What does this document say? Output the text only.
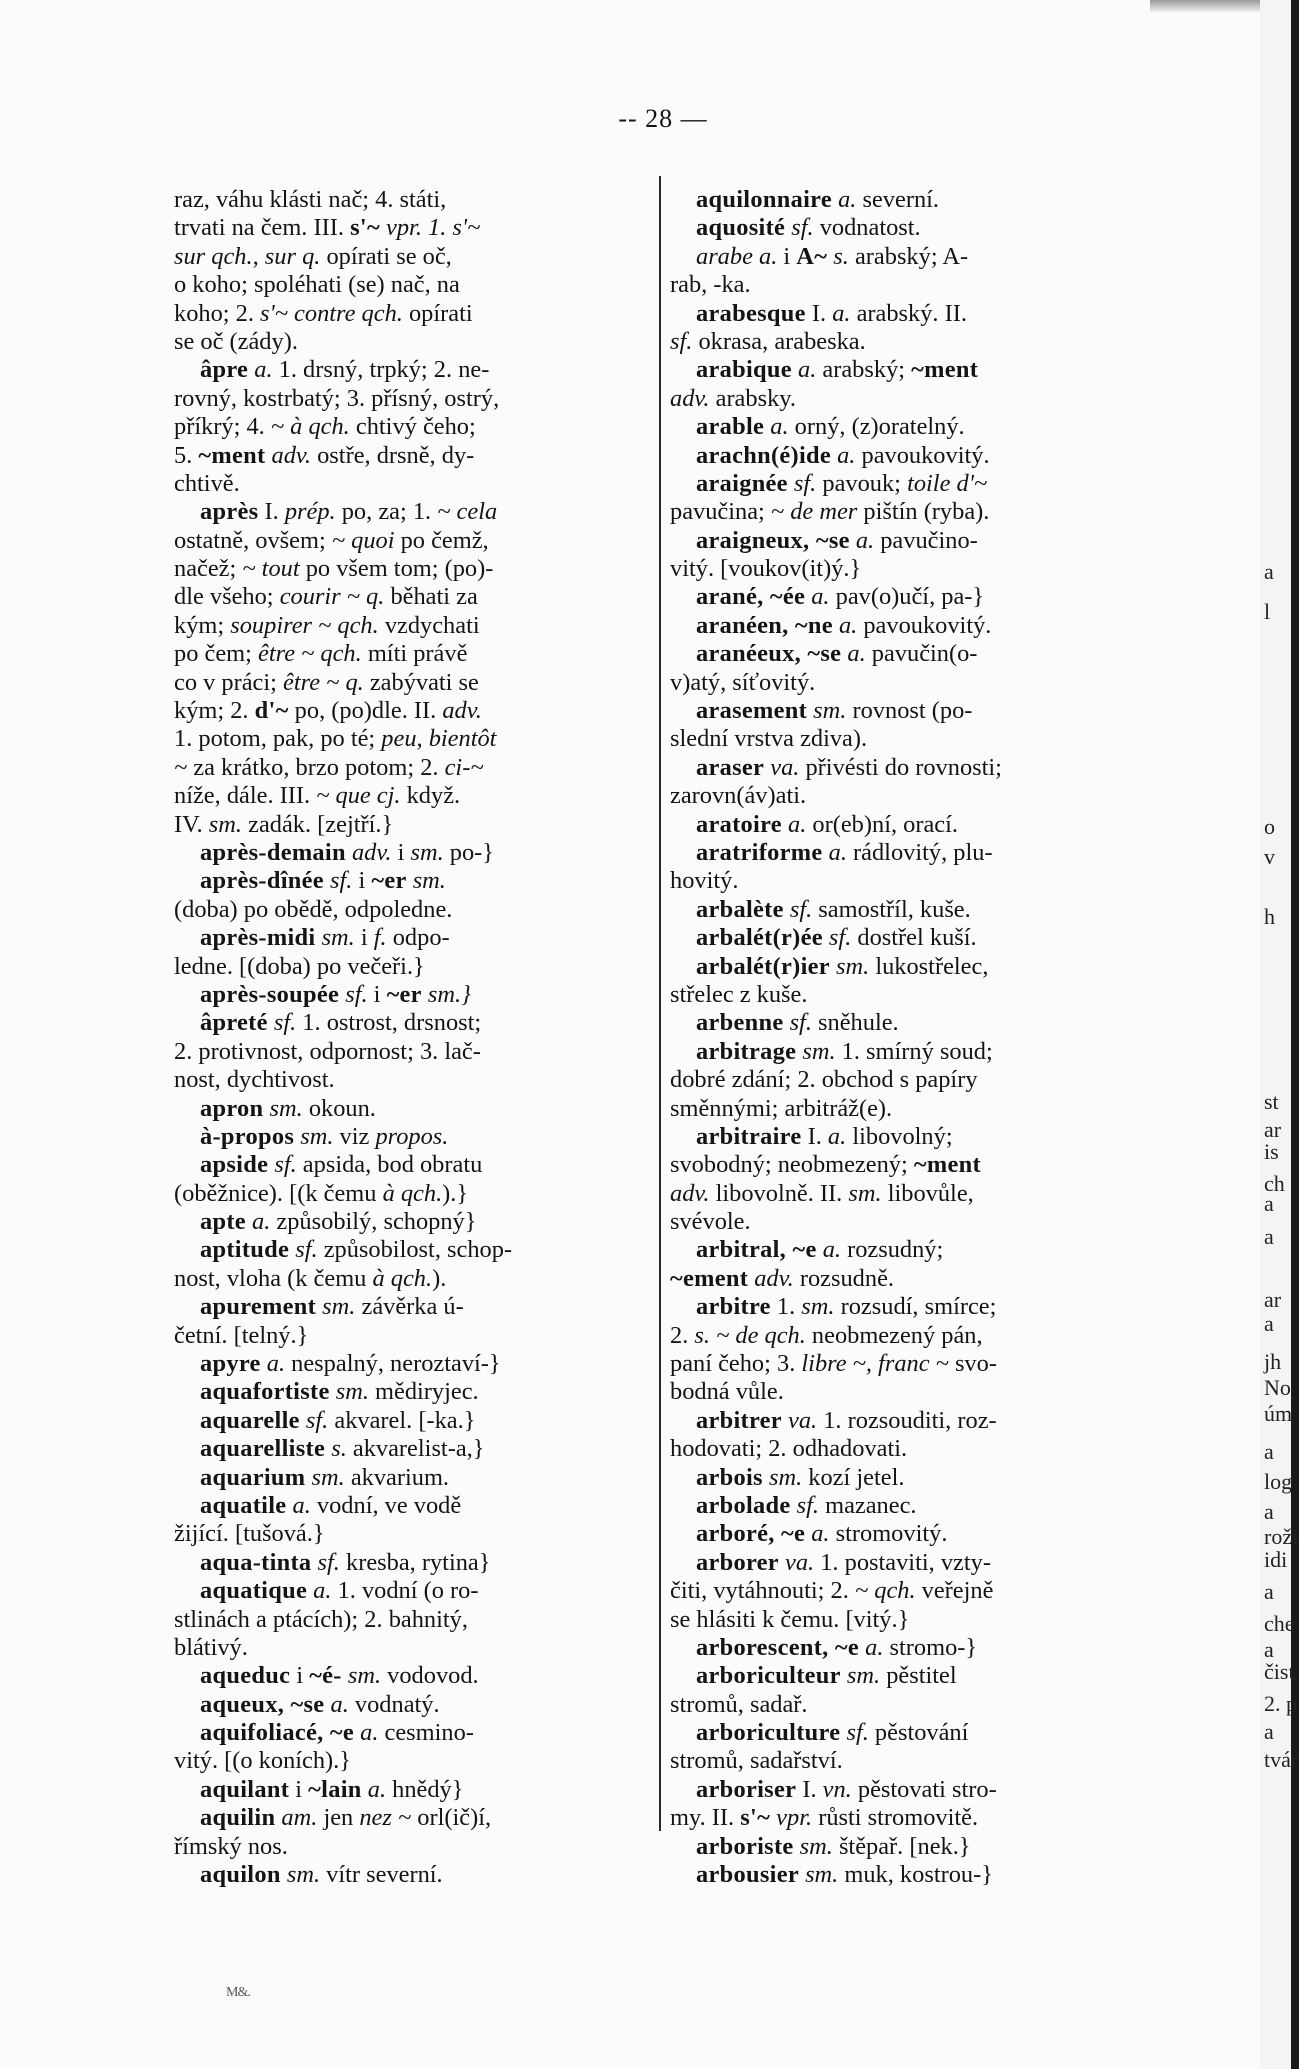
-- 28 —
raz, váhu klásti nač; 4. státi,
trvati na čem. III. s'~ vpr. 1. s'~
sur qch., sur q. opírati se oč,
o koho; spoléhati (se) nač, na
koho; 2. s'~ contre qch. opírati
se oč (zády).
âpre a. 1. drsný, trpký; 2. ne-
rovný, kostrbatý; 3. přísný, ostrý,
příkrý; 4. ~ à qch. chtivý čeho;
5. ~ment adv. ostře, drsně, dy-
chtivě.
après I. prép. po, za; 1. ~ cela
ostatně, ovšem; ~ quoi po čemž,
načež; ~ tout po všem tom; (po)-
dle všeho; courir ~ q. běhati za
kým; soupirer ~ qch. vzdychati
po čem; être ~ qch. míti právě
co v práci; être ~ q. zabývati se
kým; 2. d'~ po, (po)dle. II. adv.
1. potom, pak, po té; peu, bientôt
~ za krátko, brzo potom; 2. ci-~
níže, dále. III. ~ que cj. když.
IV. sm. zadák. [zejtří.}
après-demain adv. i sm. po-}
après-dînée sf. i ~er sm.
(doba) po obědě, odpoledne.
après-midi sm. i f. odpo-
ledne. [(doba) po večeři.}
après-soupée sf. i ~er sm.}
âpreté sf. 1. ostrost, drsnost;
2. protivnost, odpornost; 3. lač-
nost, dychtivost.
apron sm. okoun.
à-propos sm. viz propos.
apside sf. apsida, bod obratu
(oběžnice). [(k čemu à qch.).}
apte a. způsobilý, schopný}
aptitude sf. způsobilost, schop-
nost, vloha (k čemu à qch.).
apurement sm. závěrka ú-
četní. [telný.}
apyre a. nespalný, neroztaví-}
aquafortiste sm. mědiryjec.
aquarelle sf. akvarel. [-ka.}
aquarelliste s. akvarelist-a,}
aquarium sm. akvarium.
aquatile a. vodní, ve vodě
žijící. [tušová.}
aqua-tinta sf. kresba, rytina}
aquatique a. 1. vodní (o ro-
stlinách a ptácích); 2. bahnitý,
blátivý.
aqueduc i ~é- sm. vodovod.
aqueux, ~se a. vodnatý.
aquifoliacé, ~e a. cesmino-
vitý. [(o koních).}
aquilant i ~lain a. hnědý}
aquilin am. jen nez ~ orl(ič)í,
římský nos.
aquilon sm. vítr severní.
aquilonnaire a. severní.
aquosité sf. vodnatost.
arabe a. i A~ s. arabský; A-
rab, -ka.
arabesque I. a. arabský. II.
sf. okrasa, arabeska.
arabique a. arabský; ~ment
adv. arabsky.
arable a. orný, (z)oratelný.
arachn(é)ide a. pavoukovitý.
araignée sf. pavouk; toile d'~
pavučina; ~ de mer pištín (ryba).
araigneux, ~se a. pavučino-
vitý. [voukov(it)ý.}
arané, ~ée a. pav(o)učí, pa-}
aranéen, ~ne a. pavoukovitý.
aranéeux, ~se a. pavučin(o-
v)atý, síťovitý.
arasement sm. rovnost (po-
slední vrstva zdiva).
araser va. přivésti do rovnosti;
zarovn(áv)ati.
aratoire a. or(eb)ní, orací.
aratriforme a. rádlovitý, plu-
hovitý.
arbalète sf. samostříl, kuše.
arbalét(r)ée sf. dostřel kuší.
arbalét(r)ier sm. lukostřelec,
střelec z kuše.
arbenne sf. sněhule.
arbitrage sm. 1. smírný soud;
dobré zdání; 2. obchod s papíry
směnnými; arbitráž(e).
arbitraire I. a. libovolný;
svobodný; neobmezený; ~ment
adv. libovolně. II. sm. libovůle,
svévole.
arbitral, ~e a. rozsudný;
~ement adv. rozsudně.
arbitre 1. sm. rozsudí, smírce;
2. s. ~ de qch. neobmezený pán,
paní čeho; 3. libre ~, franc ~ svo-
bodná vůle.
arbitrer va. 1. rozsouditi, roz-
hodovati; 2. odhadovati.
arbois sm. kozí jetel.
arbolade sf. mazanec.
arboré, ~e a. stromovitý.
arborer va. 1. postaviti, vzty-
čiti, vytáhnouti; 2. ~ qch. veřejně
se hlásiti k čemu. [vitý.}
arborescent, ~e a. stromo-}
arboriculteur sm. pěstitel
stromů, sadař.
arboriculture sf. pěstování
stromů, sadařství.
arboriser I. vn. pěstovati stro-
my. II. s'~ vpr. růsti stromovitě.
arboriste sm. štěpař. [nek.}
arbousier sm. muk, kostrou-}
M&.
a
l
o
v
h
st
ar
is
ch
a
a
ar
a
jh
No
úm
a
log
a
roži
idi
a
che
a
čist
2. p
a
tvár
